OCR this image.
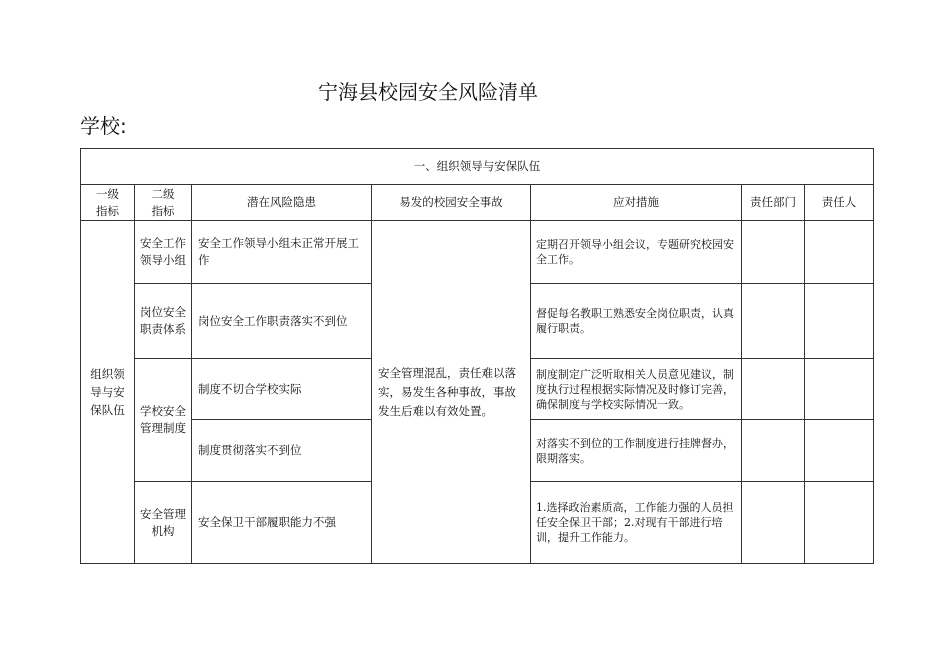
宁海县校园安全风险清单
学校:
一、组织领导与安保队伍						
一级
指标	二级
指标	潜在风险隐患	易发的校园安全事故	应对措施	责任部门	责任人

组织领导与安保队伍	安全工作领导小组	安全工作领导小组未正常开展工作	安全管理混乱，责任难以落实，易发生各种事故，事故发生后难以有效处置。	定期召开领导小组会议，专题研究校园安全工作。		
	岗位安全职责体系	岗位安全工作职责落实不到位		督促每名教职工熟悉安全岗位职责，认真履行职责。		
	学校安全管理制度	制度不切合学校实际		制度制定广泛听取相关人员意见建议，制度执行过程根据实际情况及时修订完善，确保制度与学校实际情况一致。		
		制度贯彻落实不到位		对落实不到位的工作制度进行挂牌督办，限期落实。		
	安全管理机构	安全保卫干部履职能力不强		1.选择政治素质高，工作能力强的人员担任安全保卫干部；2.对现有干部进行培训，提升工作能力。		
